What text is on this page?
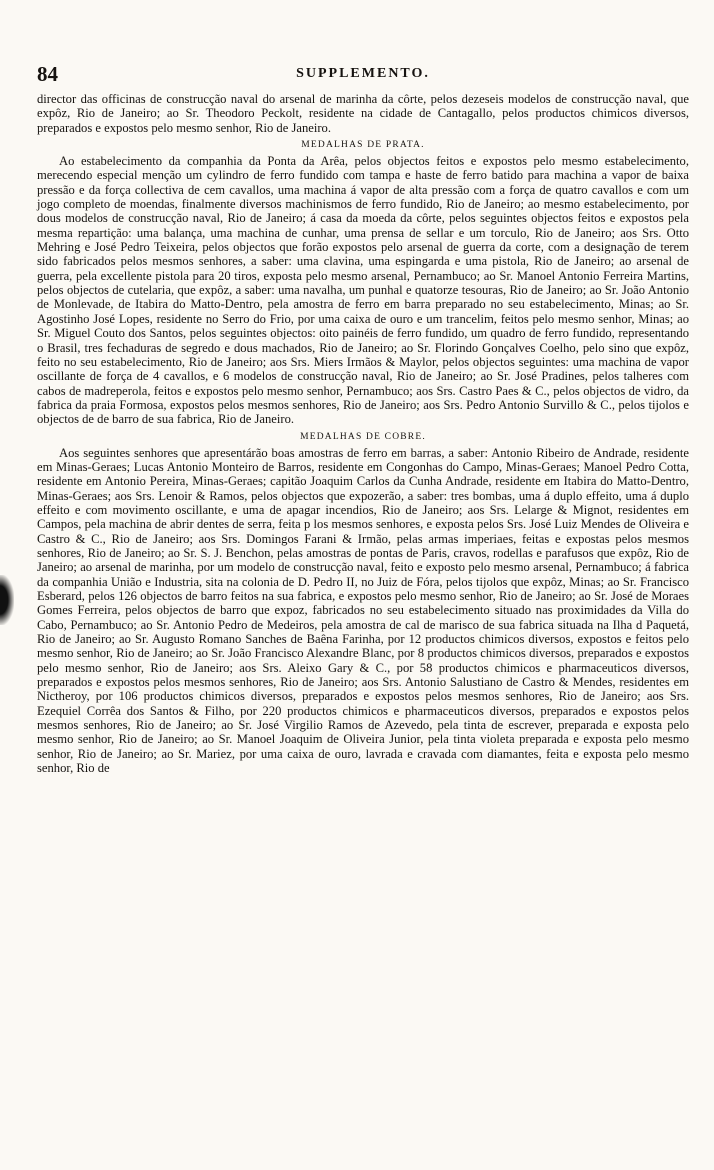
84	SUPPLEMENTO.

director das officinas de construcção naval do arsenal de marinha da côrte, pelos dezeseis modelos de construcção naval, que expôz, Rio de Janeiro; ao Sr. Theodoro Peckolt, residente na cidade de Cantagallo, pelos productos chimicos diversos, preparados e expostos pelo mesmo senhor, Rio de Janeiro.

MEDALHAS DE PRATA.

Ao estabelecimento da companhia da Ponta da Arêa, pelos objectos feitos e expostos pelo mesmo estabelecimento, merecendo especial menção um cylindro de ferro fundido com tampa e haste de ferro batido para machina a vapor de baixa pressão e da força collectiva de cem cavallos, uma machina á vapor de alta pressão com a força de quatro cavallos e com um jogo completo de moendas, finalmente diversos machinismos de ferro fundido, Rio de Janeiro; ao mesmo estabelecimento, por dous modelos de construcção naval, Rio de Janeiro; á casa da moeda da côrte, pelos seguintes objectos feitos e expostos pela mesma repartição: uma balança, uma machina de cunhar, uma prensa de sellar e um torculo, Rio de Janeiro; aos Srs. Otto Mehring e José Pedro Teixeira, pelos objectos que forão expostos pelo arsenal de guerra da corte, com a designação de terem sido fabricados pelos mesmos senhores, a saber: uma clavina, uma espingarda e uma pistola, Rio de Janeiro; ao arsenal de guerra, pela excellente pistola para 20 tiros, exposta pelo mesmo arsenal, Pernambuco; ao Sr. Manoel Antonio Ferreira Martins, pelos objectos de cutelaria, que expôz, a saber: uma navalha, um punhal e quatorze tesouras, Rio de Janeiro; ao Sr. João Antonio de Monlevade, de Itabira do Matto-Dentro, pela amostra de ferro em barra preparado no seu estabelecimento, Minas; ao Sr. Agostinho José Lopes, residente no Serro do Frio, por uma caixa de ouro e um trancelim, feitos pelo mesmo senhor, Minas; ao Sr. Miguel Couto dos Santos, pelos seguintes objectos: oito painéis de ferro fundido, um quadro de ferro fundido, representando o Brasil, tres fechaduras de segredo e dous machados, Rio de Janeiro; ao Sr. Florindo Gonçalves Coelho, pelo sino que expôz, feito no seu estabelecimento, Rio de Janeiro; aos Srs. Miers Irmãos & Maylor, pelos objectos seguintes: uma machina de vapor oscillante de força de 4 cavallos, e 6 modelos de construcção naval, Rio de Janeiro; ao Sr. José Pradines, pelos talheres com cabos de madreperola, feitos e expostos pelo mesmo senhor, Pernambuco; aos Srs. Castro Paes & C., pelos objectos de vidro, da fabrica da praia Formosa, expostos pelos mesmos senhores, Rio de Janeiro; aos Srs. Pedro Antonio Survillo & C., pelos tijolos e objectos de de barro de sua fabrica, Rio de Janeiro.

MEDALHAS DE COBRE.

Aos seguintes senhores que apresentárão boas amostras de ferro em barras, a saber: Antonio Ribeiro de Andrade, residente em Minas-Geraes; Lucas Antonio Monteiro de Barros, residente em Congonhas do Campo, Minas-Geraes; Manoel Pedro Cotta, residente em Antonio Pereira, Minas-Geraes; capitão Joaquim Carlos da Cunha Andrade, residente em Itabira do Matto-Dentro, Minas-Geraes; aos Srs. Lenoir & Ramos, pelos objectos que expozerão, a saber: tres bombas, uma á duplo effeito, uma á duplo effeito e com movimento oscillante, e uma de apagar incendios, Rio de Janeiro; aos Srs. Lelarge & Mignot, residentes em Campos, pela machina de abrir dentes de serra, feita p los mesmos senhores, e exposta pelos Srs. José Luiz Mendes de Oliveira e Castro & C., Rio de Janeiro; aos Srs. Domingos Farani & Irmão, pelas armas imperiaes, feitas e expostas pelos mesmos senhores, Rio de Janeiro; ao Sr. S. J. Benchon, pelas amostras de pontas de Paris, cravos, rodellas e parafusos que expôz, Rio de Janeiro; ao arsenal de marinha, por um modelo de construcção naval, feito e exposto pelo mesmo arsenal, Pernambuco; á fabrica da companhia União e Industria, sita na colonia de D. Pedro II, no Juiz de Fóra, pelos tijolos que expôz, Minas; ao Sr. Francisco Esberard, pelos 126 objectos de barro feitos na sua fabrica, e expostos pelo mesmo senhor, Rio de Janeiro; ao Sr. José de Moraes Gomes Ferreira, pelos objectos de barro que expoz, fabricados no seu estabelecimento situado nas proximidades da Villa do Cabo, Pernambuco; ao Sr. Antonio Pedro de Medeiros, pela amostra de cal de marisco de sua fabrica situada na Ilha d Paquetá, Rio de Janeiro; ao Sr. Augusto Romano Sanches de Baêna Farinha, por 12 productos chimicos diversos, expostos e feitos pelo mesmo senhor, Rio de Janeiro; ao Sr. João Francisco Alexandre Blanc, por 8 productos chimicos diversos, preparados e expostos pelo mesmo senhor, Rio de Janeiro; aos Srs. Aleixo Gary & C., por 58 productos chimicos e pharmaceuticos diversos, preparados e expostos pelos mesmos senhores, Rio de Janeiro; aos Srs. Antonio Salustiano de Castro & Mendes, residentes em Nictheroy, por 106 productos chimicos diversos, preparados e expostos pelos mesmos senhores, Rio de Janeiro; aos Srs. Ezequiel Corrêa dos Santos & Filho, por 220 productos chimicos e pharmaceuticos diversos, preparados e expostos pelos mesmos senhores, Rio de Janeiro; ao Sr. José Virgilio Ramos de Azevedo, pela tinta de escrever, preparada e exposta pelo mesmo senhor, Rio de Janeiro; ao Sr. Manoel Joaquim de Oliveira Junior, pela tinta violeta preparada e exposta pelo mesmo senhor, Rio de Janeiro; ao Sr. Mariez, por uma caixa de ouro, lavrada e cravada com diamantes, feita e exposta pelo mesmo senhor, Rio de
